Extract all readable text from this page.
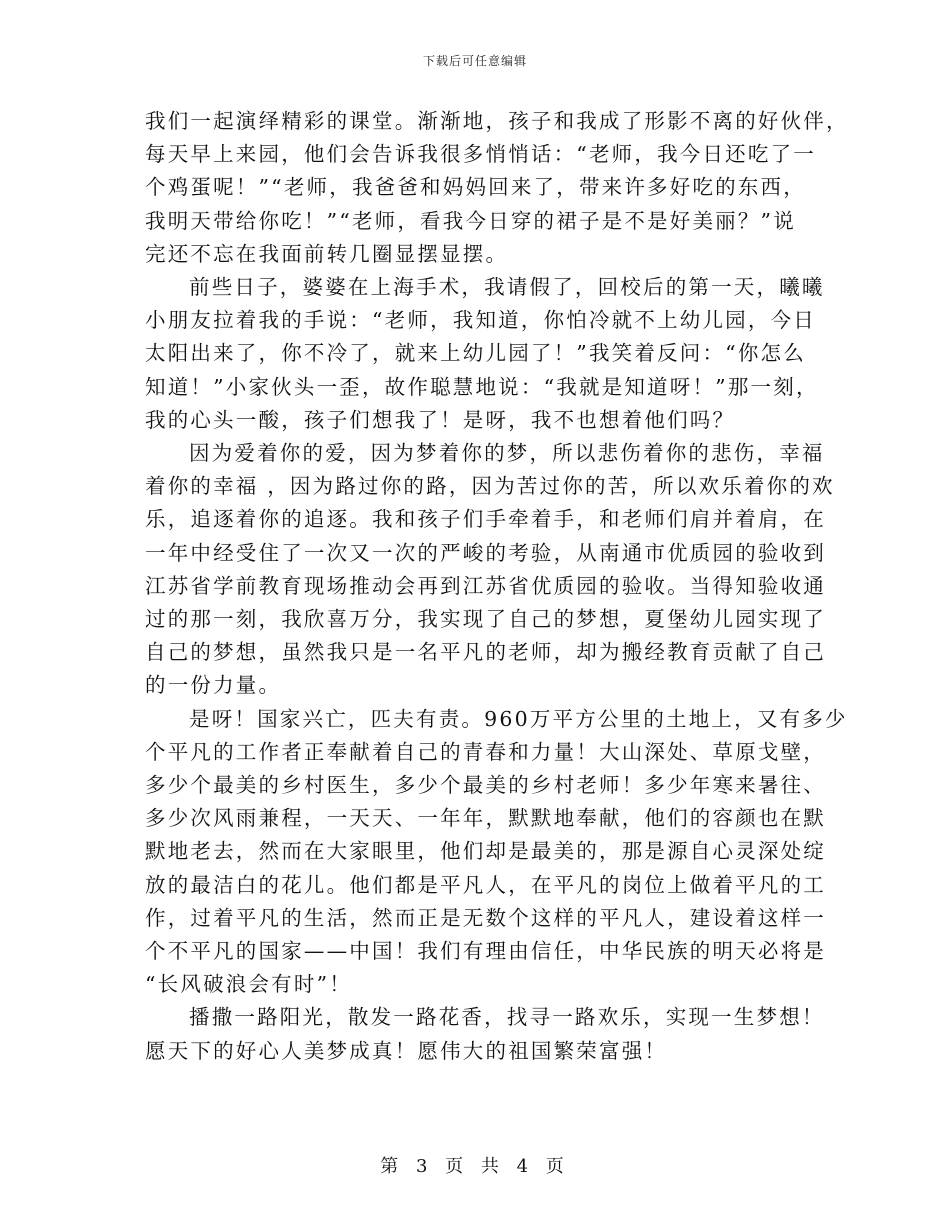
下载后可任意编辑

我们一起演绎精彩的课堂。渐渐地，孩子和我成了形影不离的好伙伴，
每天早上来园，他们会告诉我很多悄悄话：“老师，我今日还吃了一
个鸡蛋呢！”“老师，我爸爸和妈妈回来了，带来许多好吃的东西，
我明天带给你吃！”“老师，看我今日穿的裙子是不是好美丽？”说
完还不忘在我面前转几圈显摆显摆。

前些日子，婆婆在上海手术，我请假了，回校后的第一天，曦曦
小朋友拉着我的手说：“老师，我知道，你怕冷就不上幼儿园，今日
太阳出来了，你不冷了，就来上幼儿园了！”我笑着反问：“你怎么
知道！”小家伙头一歪，故作聪慧地说：“我就是知道呀！”那一刻，
我的心头一酸，孩子们想我了！是呀，我不也想着他们吗？

因为爱着你的爱，因为梦着你的梦，所以悲伤着你的悲伤，幸福
着你的幸福 ，因为路过你的路，因为苦过你的苦，所以欢乐着你的欢
乐，追逐着你的追逐。我和孩子们手牵着手，和老师们肩并着肩，在
一年中经受住了一次又一次的严峻的考验，从南通市优质园的验收到
江苏省学前教育现场推动会再到江苏省优质园的验收。当得知验收通
过的那一刻，我欣喜万分，我实现了自己的梦想，夏堡幼儿园实现了
自己的梦想，虽然我只是一名平凡的老师，却为搬经教育贡献了自己
的一份力量。

是呀！国家兴亡，匹夫有责。960万平方公里的土地上，又有多少
个平凡的工作者正奉献着自己的青春和力量！大山深处、草原戈壁，
多少个最美的乡村医生，多少个最美的乡村老师！多少年寒来暑往、
多少次风雨兼程，一天天、一年年，默默地奉献，他们的容颜也在默
默地老去，然而在大家眼里，他们却是最美的，那是源自心灵深处绽
放的最洁白的花儿。他们都是平凡人，在平凡的岗位上做着平凡的工
作，过着平凡的生活，然而正是无数个这样的平凡人，建设着这样一
个不平凡的国家——中国！我们有理由信任，中华民族的明天必将是
“长风破浪会有时”！

播撒一路阳光，散发一路花香，找寻一路欢乐，实现一生梦想！
愿天下的好心人美梦成真！愿伟大的祖国繁荣富强！

第 3 页 共 4 页
